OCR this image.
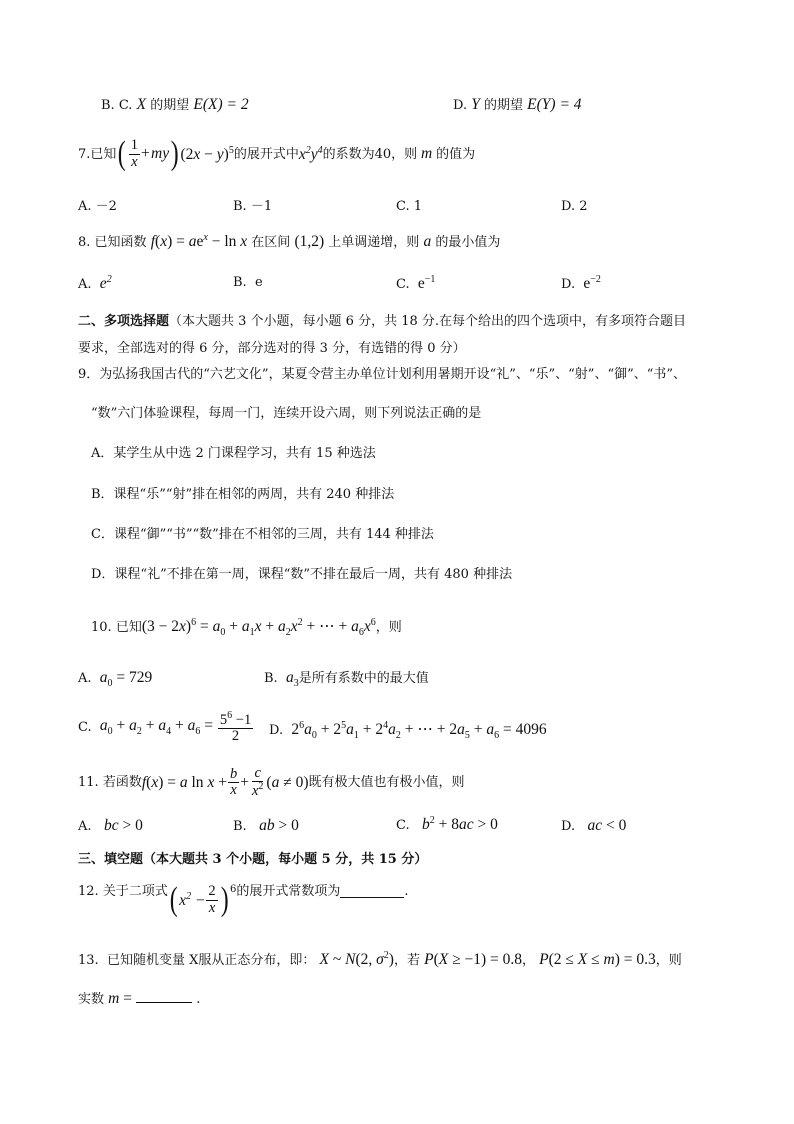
B. C. X 的期望 E(X) = 2	D. Y 的期望 E(Y) = 4
7. 已知 ( $\frac{1}{x}$ + my ) $(2x - y)^5$ 的展开式中 $x^2y^4$ 的系数为40，则 m 的值为
A. －2	B. －1	C. 1	D. 2
8. 已知函数 $f(x) = ae^x - \ln x$ 在区间 (1,2) 上单调递增，则 a 的最小值为
A. $e^2$	B. e	C. $e^{-1}$	D. $e^{-2}$
二、多项选择题（本大题共 3 个小题，每小题 6 分，共 18 分.在每个给出的四个选项中，有多项符合题目
要求，全部选对的得 6 分，部分选对的得 3 分，有选错的得 0 分）
9．为弘扬我国古代的“六艺文化”，某夏令营主办单位计划利用暑期开设“礼”、“乐”、“射”、“御”、“书”、
“数”六门体验课程，每周一门，连续开设六周，则下列说法正确的是
A．某学生从中选 2 门课程学习，共有 15 种选法
B．课程“乐”“射”排在相邻的两周，共有 240 种排法
C．课程“御”“书”“数”排在不相邻的三周，共有 144 种排法
D．课程“礼”不排在第一周，课程“数”不排在最后一周，共有 480 种排法
10. 已知$(3 - 2x)^6 = a_0 + a_1x + a_2x^2$ + ⋯ + $a_6x^6$，则
A. $a_0 = 729$	B. $a_3$是所有系数中的最大值
C.
$a_0 + a_2 + a_4 + a_6 = \frac{5^6 -1}{2} D$. $2^6a_0 + 2^5a_1 + 2^4a_2$ + ⋯ + $2a_5 + a_6 = 4096$
11.
若函数 f(x) = a $\ln x + \frac{b}{x} + \frac{c}{x^2} (a \ne 0)$ 既有极大值也有极小值，则
A. bc > 0	B. ab > 0	C. $b^2 + 8ac > 0$	D. ac < 0
三、填空题（本大题共 3 个小题，每小题 5 分，共 15 分）
12.
关于二项式 ( $x^2 - \frac{2}{x} )^6$ 的展开式常数项为	.
13. 已知随机变量 X服从正态分布，即： X ~ N(2, $\sigma^2$)，若 P(X ≥ −1) = 0.8， P(2 ≤ X ≤ m) = 0.3，则
实数 m =	.
